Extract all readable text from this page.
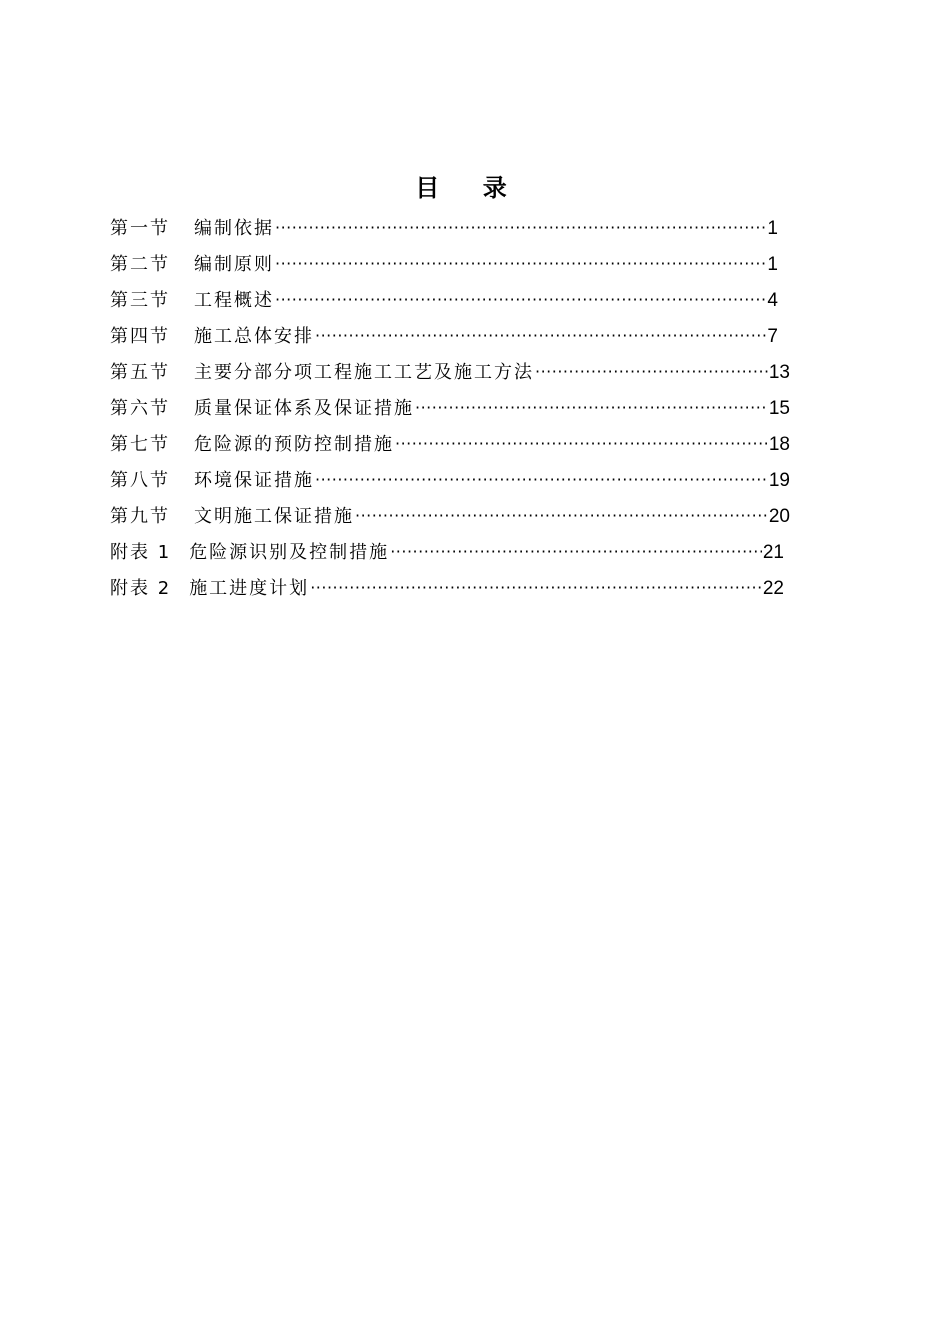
目    录
第一节 编制依据 ·····	1
第二节 编制原则 ·····	1
第三节 工程概述 ·····	4
第四节 施工总体安排 ·····	7
第五节 主要分部分项工程施工工艺及施工方法 ·····	13
第六节 质量保证体系及保证措施 ·····	15
第七节 危险源的预防控制措施 ·····	18
第八节 环境保证措施 ·····	19
第九节 文明施工保证措施 ·····	20
附表 1 危险源识别及控制措施 ·····	21
附表 2 施工进度计划 ·····	22
